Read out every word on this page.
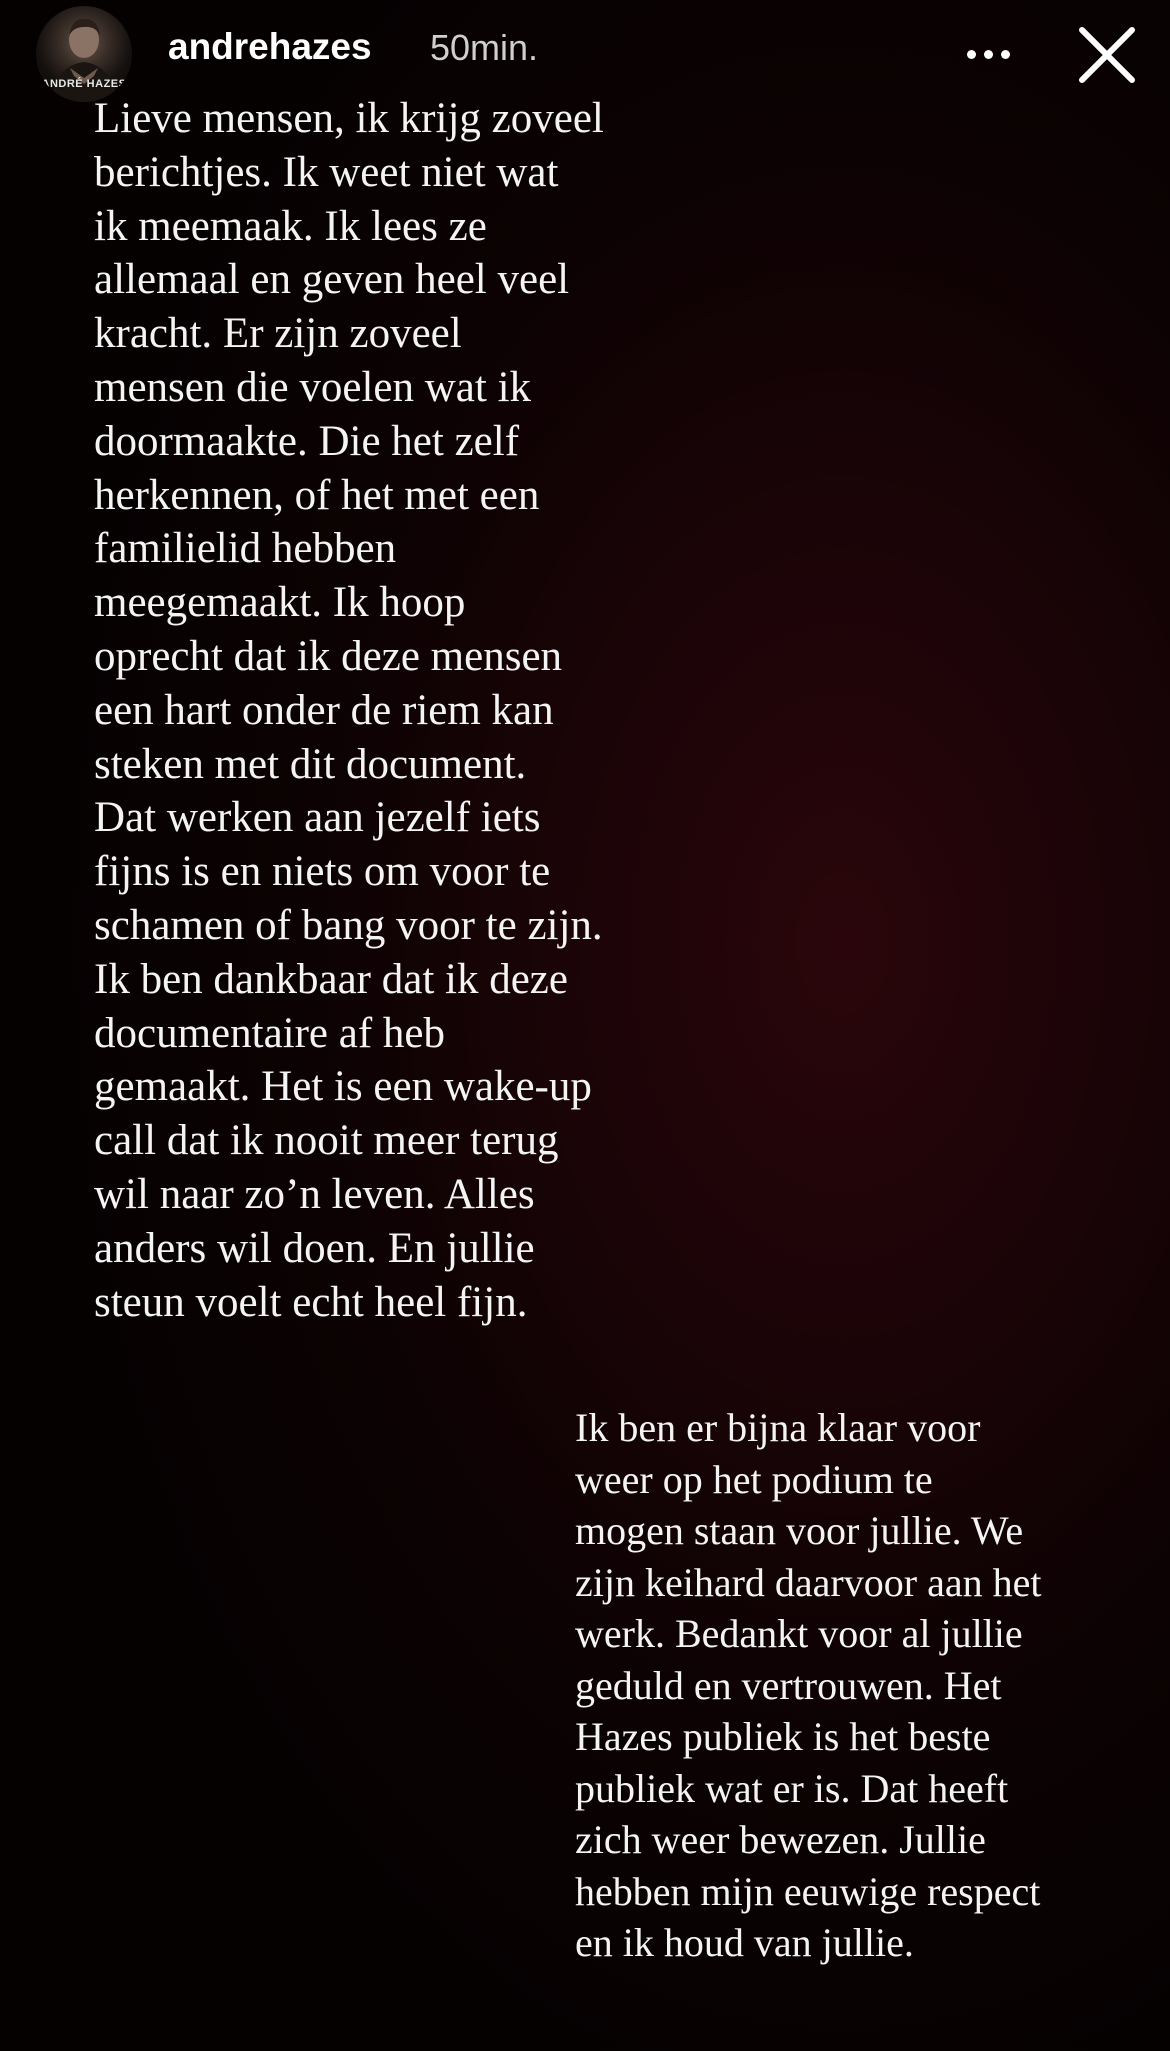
ANDRÉ HAZES
andrehazes 50min.
Lieve mensen, ik krijg zoveel
berichtjes. Ik weet niet wat
ik meemaak. Ik lees ze
allemaal en geven heel veel
kracht. Er zijn zoveel
mensen die voelen wat ik
doormaakte. Die het zelf
herkennen, of het met een
familielid hebben
meegemaakt. Ik hoop
oprecht dat ik deze mensen
een hart onder de riem kan
steken met dit document.
Dat werken aan jezelf iets
fijns is en niets om voor te
schamen of bang voor te zijn.
Ik ben dankbaar dat ik deze
documentaire af heb
gemaakt. Het is een wake-up
call dat ik nooit meer terug
wil naar zo’n leven. Alles
anders wil doen. En jullie
steun voelt echt heel fijn.
Ik ben er bijna klaar voor
weer op het podium te
mogen staan voor jullie. We
zijn keihard daarvoor aan het
werk. Bedankt voor al jullie
geduld en vertrouwen. Het
Hazes publiek is het beste
publiek wat er is. Dat heeft
zich weer bewezen. Jullie
hebben mijn eeuwige respect
en ik houd van jullie.
